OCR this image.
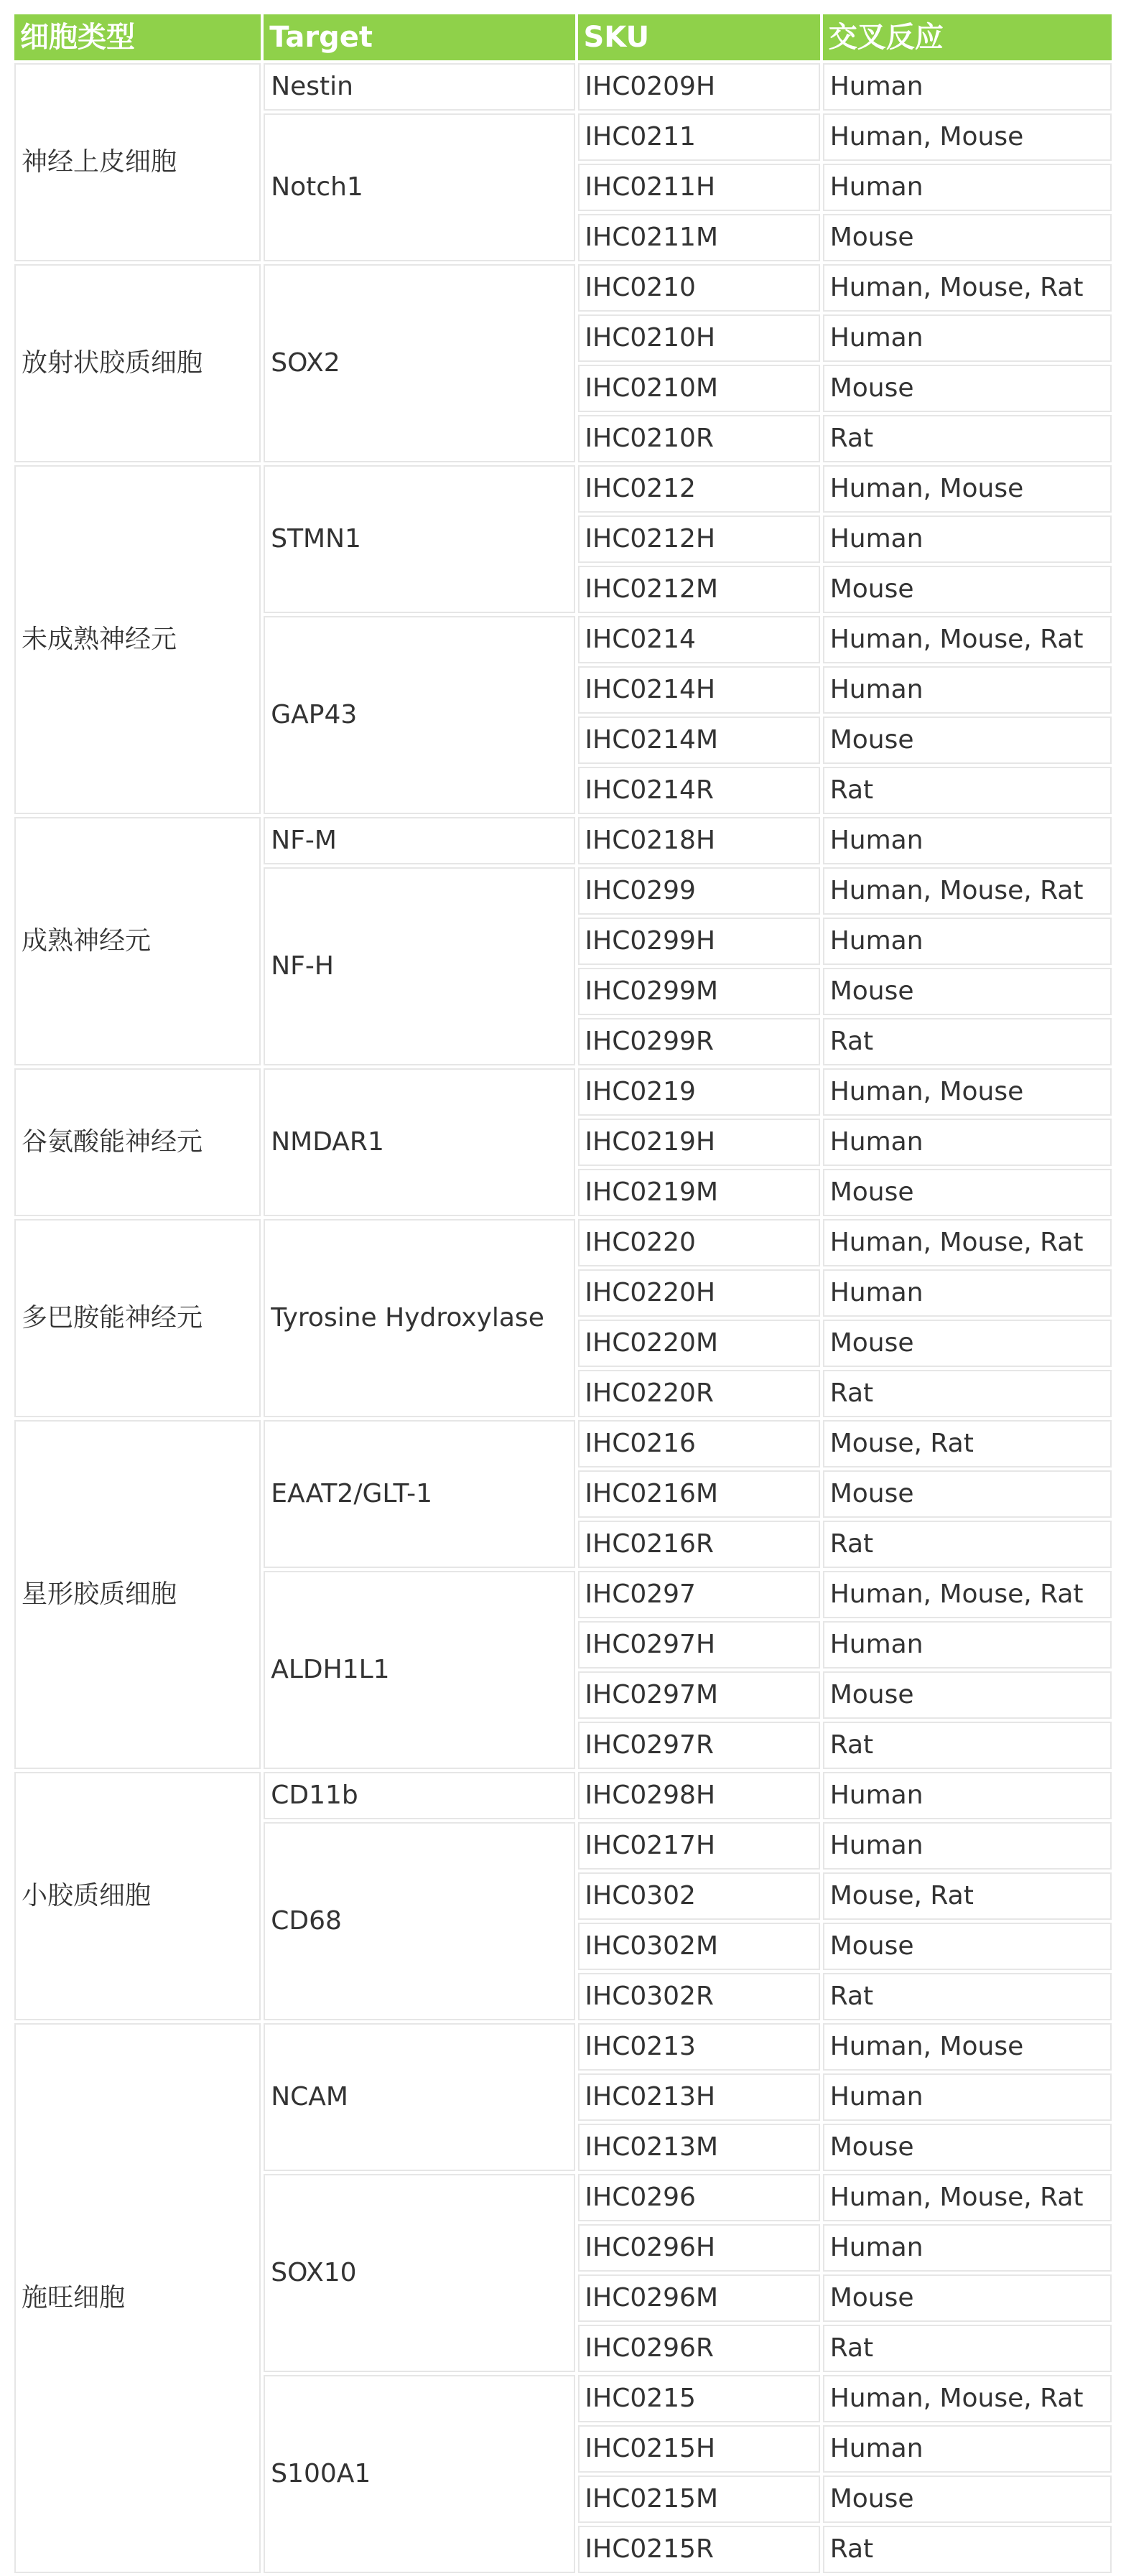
细胞类型	Target	SKU	交叉反应
神经上皮细胞	Nestin	IHC0209H	Human
	Notch1	IHC0211	Human, Mouse
		IHC0211H	Human
		IHC0211M	Mouse
放射状胶质细胞	SOX2	IHC0210	Human, Mouse, Rat
		IHC0210H	Human
		IHC0210M	Mouse
		IHC0210R	Rat
未成熟神经元	STMN1	IHC0212	Human, Mouse
		IHC0212H	Human
		IHC0212M	Mouse
	GAP43	IHC0214	Human, Mouse, Rat
		IHC0214H	Human
		IHC0214M	Mouse
		IHC0214R	Rat
成熟神经元	NF-M	IHC0218H	Human
	NF-H	IHC0299	Human, Mouse, Rat
		IHC0299H	Human
		IHC0299M	Mouse
		IHC0299R	Rat
谷氨酸能神经元	NMDAR1	IHC0219	Human, Mouse
		IHC0219H	Human
		IHC0219M	Mouse
多巴胺能神经元	Tyrosine Hydroxylase	IHC0220	Human, Mouse, Rat
		IHC0220H	Human
		IHC0220M	Mouse
		IHC0220R	Rat
星形胶质细胞	EAAT2/GLT-1	IHC0216	Mouse, Rat
		IHC0216M	Mouse
		IHC0216R	Rat
	ALDH1L1	IHC0297	Human, Mouse, Rat
		IHC0297H	Human
		IHC0297M	Mouse
		IHC0297R	Rat
小胶质细胞	CD11b	IHC0298H	Human
	CD68	IHC0217H	Human
		IHC0302	Mouse, Rat
		IHC0302M	Mouse
		IHC0302R	Rat
施旺细胞	NCAM	IHC0213	Human, Mouse
		IHC0213H	Human
		IHC0213M	Mouse
	SOX10	IHC0296	Human, Mouse, Rat
		IHC0296H	Human
		IHC0296M	Mouse
		IHC0296R	Rat
	S100A1	IHC0215	Human, Mouse, Rat
		IHC0215H	Human
		IHC0215M	Mouse
		IHC0215R	Rat
